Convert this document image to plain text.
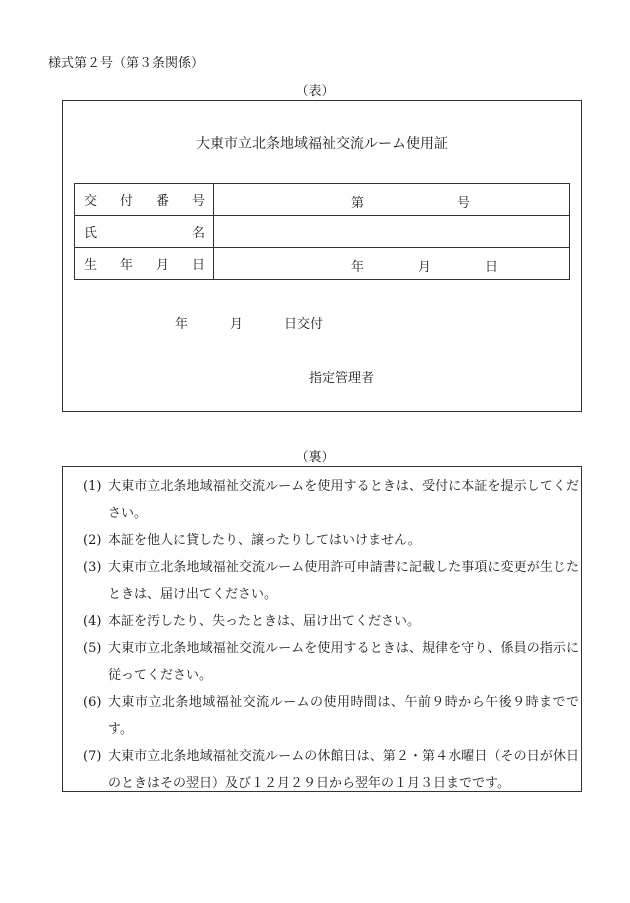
様式第２号（第３条関係）
（表）
大東市立北条地域福祉交流ルーム使用証
交 付 番 号	第 号

氏 名	

生 年 月 日	年 月 日
年	月	日交付
指定管理者
（裏）
(1) 大東市立北条地域福祉交流ルームを使用するときは、受付に本証を提示してください。
(2) 本証を他人に貸したり、譲ったりしてはいけません。
(3) 大東市立北条地域福祉交流ルーム使用許可申請書に記載した事項に変更が生じたときは、届け出てください。
(4) 本証を汚したり、失ったときは、届け出てください。
(5) 大東市立北条地域福祉交流ルームを使用するときは、規律を守り、係員の指示に従ってください。
(6) 大東市立北条地域福祉交流ルームの使用時間は、午前９時から午後９時までです。
(7) 大東市立北条地域福祉交流ルームの休館日は、第２・第４水曜日（その日が休日のときはその翌日）及び１２月２９日から翌年の１月３日までです。
